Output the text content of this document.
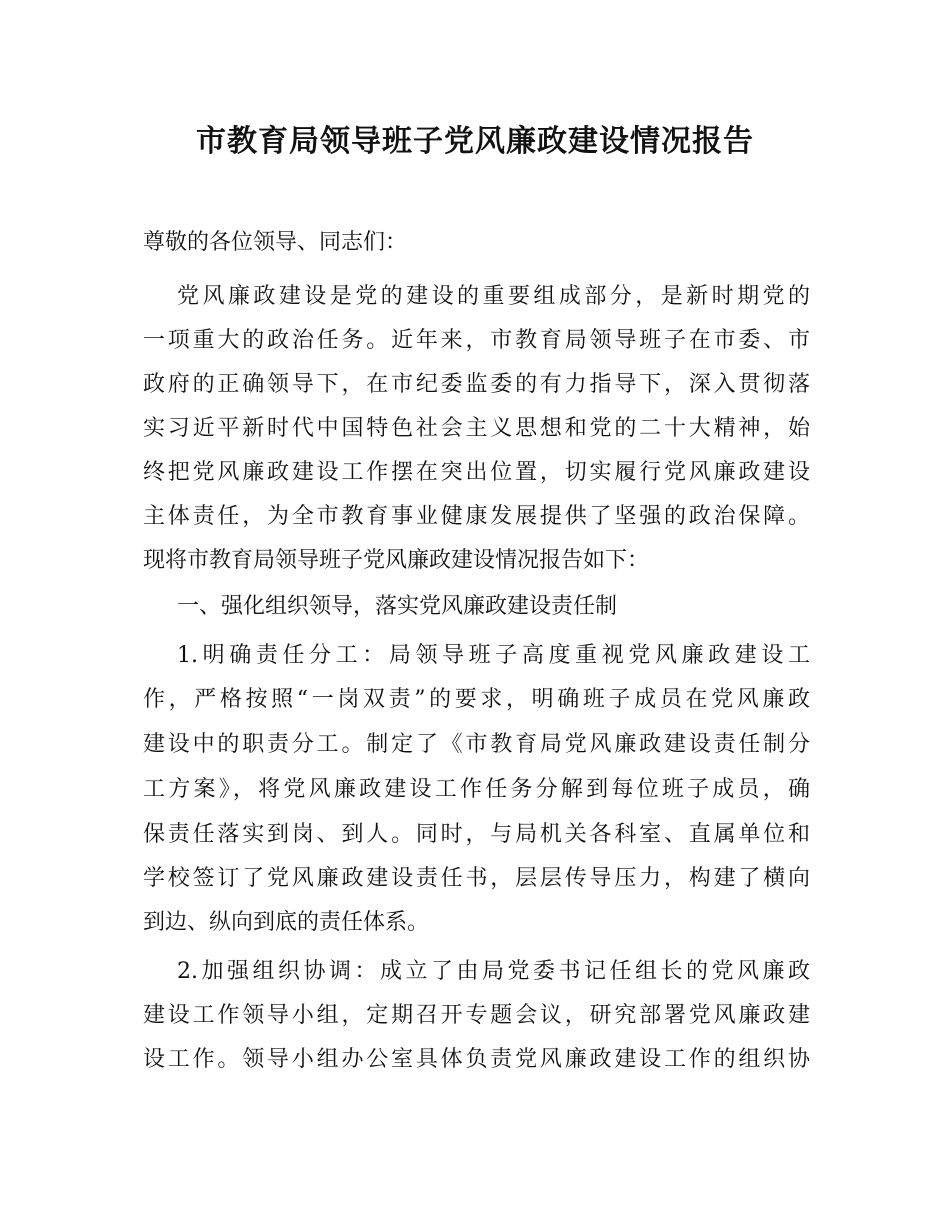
市教育局领导班子党风廉政建设情况报告
尊敬的各位领导、同志们：
党风廉政建设是党的建设的重要组成部分，是新时期党的
一项重大的政治任务。近年来，市教育局领导班子在市委、市
政府的正确领导下，在市纪委监委的有力指导下，深入贯彻落
实习近平新时代中国特色社会主义思想和党的二十大精神，始
终把党风廉政建设工作摆在突出位置，切实履行党风廉政建设
主体责任，为全市教育事业健康发展提供了坚强的政治保障。
现将市教育局领导班子党风廉政建设情况报告如下：
一、强化组织领导，落实党风廉政建设责任制
1.明确责任分工：局领导班子高度重视党风廉政建设工
作，严格按照“一岗双责”的要求，明确班子成员在党风廉政
建设中的职责分工。制定了《市教育局党风廉政建设责任制分
工方案》，将党风廉政建设工作任务分解到每位班子成员，确
保责任落实到岗、到人。同时，与局机关各科室、直属单位和
学校签订了党风廉政建设责任书，层层传导压力，构建了横向
到边、纵向到底的责任体系。
2.加强组织协调：成立了由局党委书记任组长的党风廉政
建设工作领导小组，定期召开专题会议，研究部署党风廉政建
设工作。领导小组办公室具体负责党风廉政建设工作的组织协
